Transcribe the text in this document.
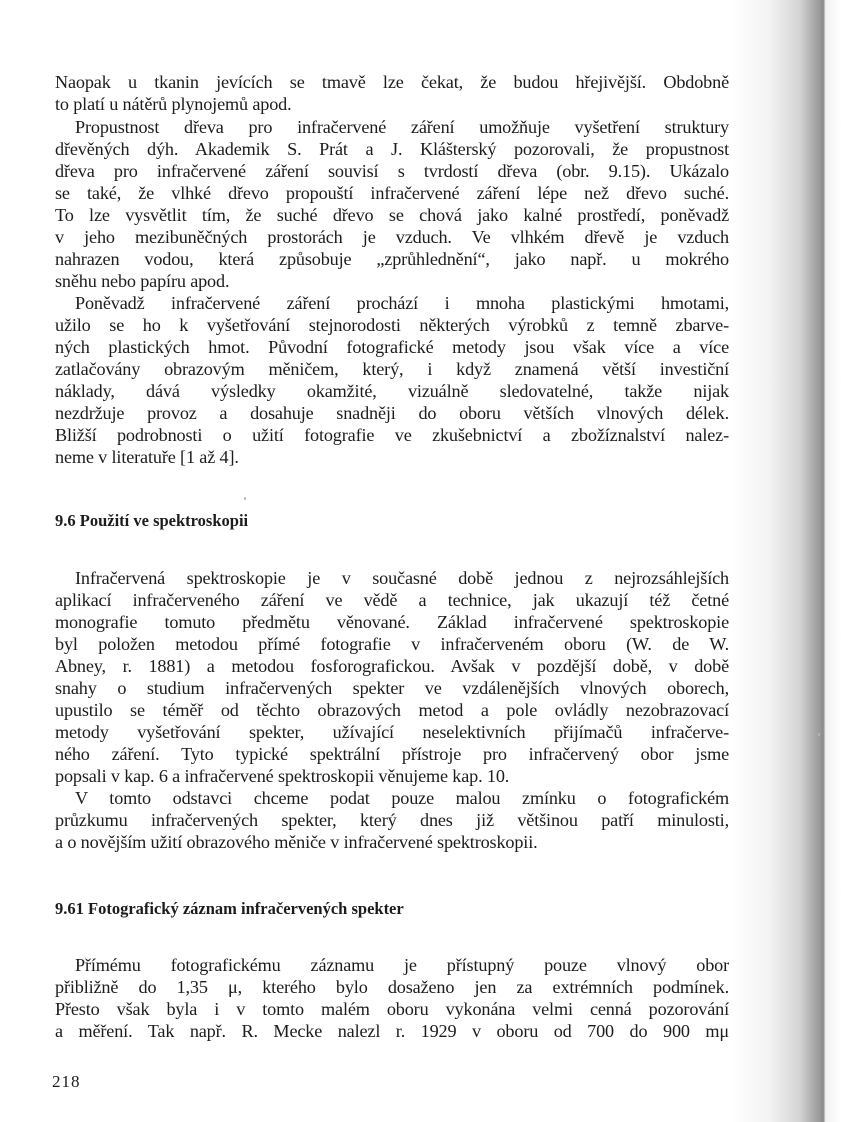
Naopak u tkanin jevících se tmavě lze čekat, že budou hřejivější. Obdobně
to platí u nátěrů plynojemů apod.
Propustnost dřeva pro infračervené záření umožňuje vyšetření struktury
dřevěných dýh. Akademik S. Prát a J. Klášterský pozorovali, že propustnost
dřeva pro infračervené záření souvisí s tvrdostí dřeva (obr. 9.15). Ukázalo
se také, že vlhké dřevo propouští infračervené záření lépe než dřevo suché.
To lze vysvětlit tím, že suché dřevo se chová jako kalné prostředí, poněvadž
v jeho mezibuněčných prostorách je vzduch. Ve vlhkém dřevě je vzduch
nahrazen vodou, která způsobuje „zprůhlednění“, jako např. u mokrého
sněhu nebo papíru apod.
Poněvadž infračervené záření prochází i mnoha plastickými hmotami,
užilo se ho k vyšetřování stejnorodosti některých výrobků z temně zbarve-
ných plastických hmot. Původní fotografické metody jsou však více a více
zatlačovány obrazovým měničem, který, i když znamená větší investiční
náklady, dává výsledky okamžité, vizuálně sledovatelné, takže nijak
nezdržuje provoz a dosahuje snadněji do oboru větších vlnových délek.
Bližší podrobnosti o užití fotografie ve zkušebnictví a zbožíznalství nalez-
neme v literatuře [1 až 4].
9.6 Použití ve spektroskopii
Infračervená spektroskopie je v současné době jednou z nejrozsáhlejších
aplikací infračerveného záření ve vědě a technice, jak ukazují též četné
monografie tomuto předmětu věnované. Základ infračervené spektroskopie
byl položen metodou přímé fotografie v infračerveném oboru (W. de W.
Abney, r. 1881) a metodou fosforografickou. Avšak v pozdější době, v době
snahy o studium infračervených spekter ve vzdálenějších vlnových oborech,
upustilo se téměř od těchto obrazových metod a pole ovládly nezobrazovací
metody vyšetřování spekter, užívající neselektivních přijímačů infračerve-
ného záření. Tyto typické spektrální přístroje pro infračervený obor jsme
popsali v kap. 6 a infračervené spektroskopii věnujeme kap. 10.
V tomto odstavci chceme podat pouze malou zmínku o fotografickém
průzkumu infračervených spekter, který dnes již většinou patří minulosti,
a o novějším užití obrazového měniče v infračervené spektroskopii.
9.61 Fotografický záznam infračervených spekter
Přímému fotografickému záznamu je přístupný pouze vlnový obor
přibližně do 1,35 μ, kterého bylo dosaženo jen za extrémních podmínek.
Přesto však byla i v tomto malém oboru vykonána velmi cenná pozorování
a měření. Tak např. R. Mecke nalezl r. 1929 v oboru od 700 do 900 mμ
218
